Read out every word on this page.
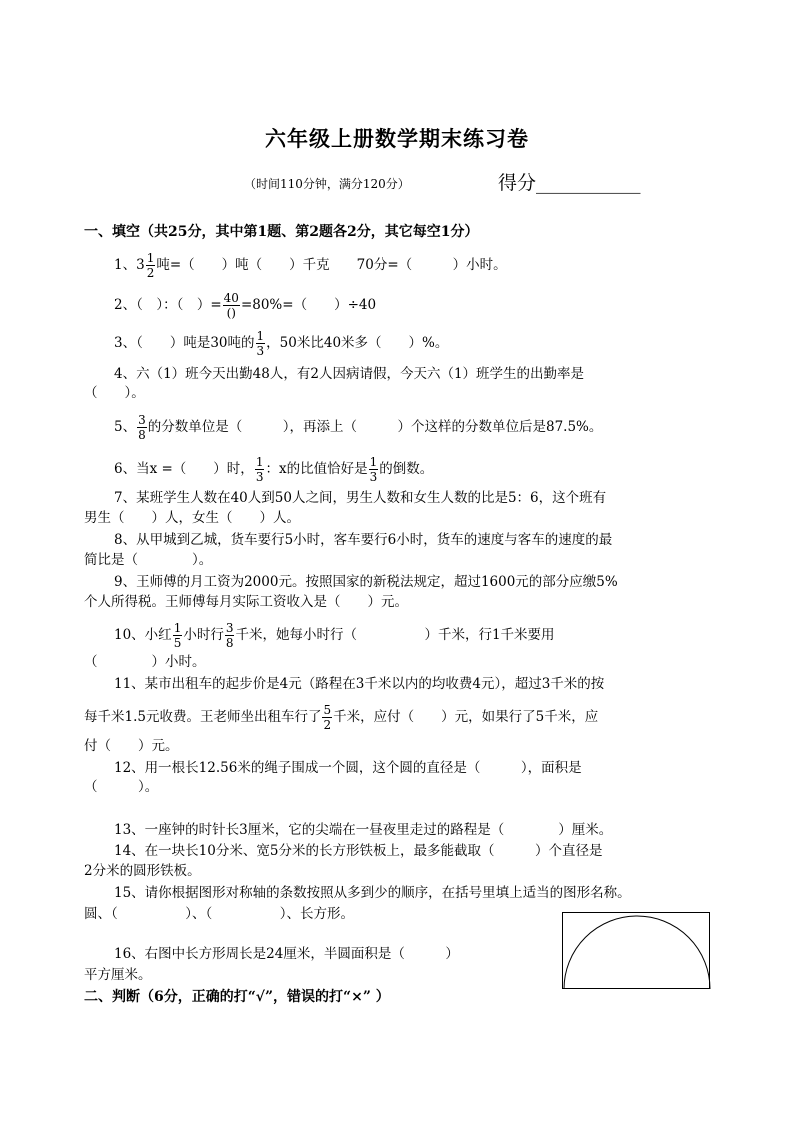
六年级上册数学期末练习卷
（时间110分钟，满分120分）	得分___________
一、填空（共25分，其中第1题、第2题各2分，其它每空1分）
1、$3 \frac{1}{2}$ 吨=（　　）吨（　　）千克　　70分=（　　　）小时。
2、（　）：（　）= $\frac{40}{()} =80\%=$（　　）÷40
3、（　　）吨是30吨的 $\frac{1}{3}$ ，50米比40米多（　　）%。
4、六（1）班今天出勤48人，有2人因病请假，今天六（1）班学生的出勤率是
（　　）。
5、 $\frac{3}{8}$ 的分数单位是（　　　），再添上（　　　）个这样的分数单位后是87.5%。
6、当x =（　　）时， $\frac{1}{3}$ ：x的比值恰好是 $\frac{1}{3}$ 的倒数。
7、某班学生人数在40人到50人之间，男生人数和女生人数的比是5：6，这个班有
男生（　　）人，女生（　　）人。
8、从甲城到乙城，货车要行5小时，客车要行6小时，货车的速度与客车的速度的最
简比是（　　　　）。
9、王师傅的月工资为2000元。按照国家的新税法规定，超过1600元的部分应缴5%
个人所得税。王师傅每月实际工资收入是（　　）元。
10、小红 $\frac{1}{5}$ 小时行 $\frac{3}{8}$ 千米，她每小时行（　　　　　）千米，行1千米要用
（　　　　）小时。
11、某市出租车的起步价是4元（路程在3千米以内的均收费4元），超过3千米的按
每千米1.5元收费。王老师坐出租车行了 $\frac{5}{2}$ 千米，应付（　　）元，如果行了5千米，应
付（　　）元。
12、用一根长12.56米的绳子围成一个圆，这个圆的直径是（　　　），面积是
（　　　）。
13、一座钟的时针长3厘米，它的尖端在一昼夜里走过的路程是（　　　　）厘米。
14、在一块长10分米、宽5分米的长方形铁板上，最多能截取（　　　）个直径是
2分米的圆形铁板。
15、请你根据图形对称轴的条数按照从多到少的顺序，在括号里填上适当的图形名称。
圆、（　　　　　）、（　　　　　）、长方形。
16、右图中长方形周长是24厘米，半圆面积是（　　　）
平方厘米。
二、判断（6分，正确的打“√”，错误的打“×” ）
